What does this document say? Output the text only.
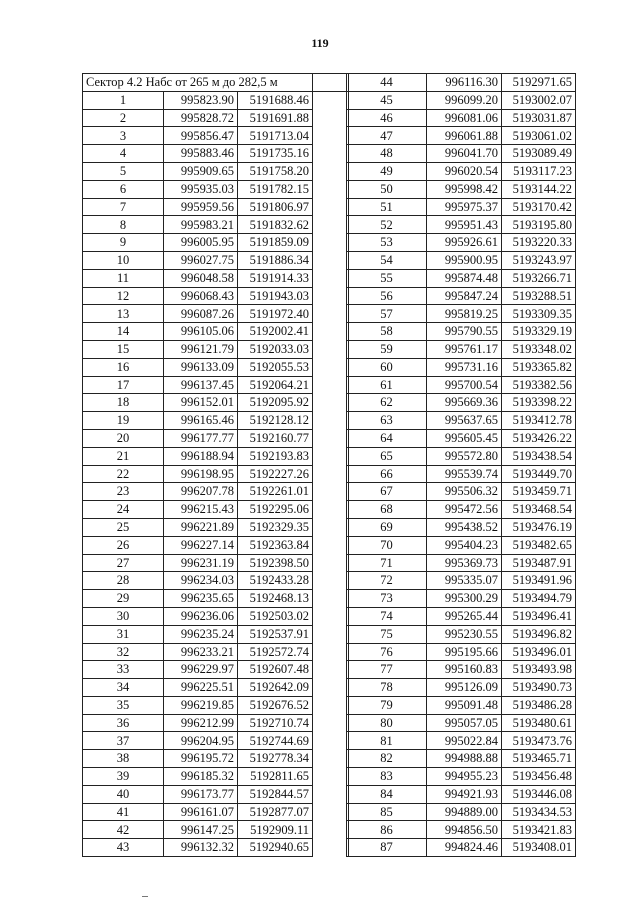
119
Сектор 4.2 Набс от 265 м до 282,5 м			
1	995823.90	5191688.46	
2	995828.72	5191691.88	
3	995856.47	5191713.04	
4	995883.46	5191735.16	
5	995909.65	5191758.20	
6	995935.03	5191782.15	
7	995959.56	5191806.97	
8	995983.21	5191832.62	
9	996005.95	5191859.09	
10	996027.75	5191886.34	
11	996048.58	5191914.33	
12	996068.43	5191943.03	
13	996087.26	5191972.40	
14	996105.06	5192002.41	
15	996121.79	5192033.03	
16	996133.09	5192055.53	
17	996137.45	5192064.21	
18	996152.01	5192095.92	
19	996165.46	5192128.12	
20	996177.77	5192160.77	
21	996188.94	5192193.83	
22	996198.95	5192227.26	
23	996207.78	5192261.01	
24	996215.43	5192295.06	
25	996221.89	5192329.35	
26	996227.14	5192363.84	
27	996231.19	5192398.50	
28	996234.03	5192433.28	
29	996235.65	5192468.13	
30	996236.06	5192503.02	
31	996235.24	5192537.91	
32	996233.21	5192572.74	
33	996229.97	5192607.48	
34	996225.51	5192642.09	
35	996219.85	5192676.52	
36	996212.99	5192710.74	
37	996204.95	5192744.69	
38	996195.72	5192778.34	
39	996185.32	5192811.65	
40	996173.77	5192844.57	
41	996161.07	5192877.07	
42	996147.25	5192909.11	
43	996132.32	5192940.65	
44	996116.30	5192971.65
45	996099.20	5193002.07
46	996081.06	5193031.87
47	996061.88	5193061.02
48	996041.70	5193089.49
49	996020.54	5193117.23
50	995998.42	5193144.22
51	995975.37	5193170.42
52	995951.43	5193195.80
53	995926.61	5193220.33
54	995900.95	5193243.97
55	995874.48	5193266.71
56	995847.24	5193288.51
57	995819.25	5193309.35
58	995790.55	5193329.19
59	995761.17	5193348.02
60	995731.16	5193365.82
61	995700.54	5193382.56
62	995669.36	5193398.22
63	995637.65	5193412.78
64	995605.45	5193426.22
65	995572.80	5193438.54
66	995539.74	5193449.70
67	995506.32	5193459.71
68	995472.56	5193468.54
69	995438.52	5193476.19
70	995404.23	5193482.65
71	995369.73	5193487.91
72	995335.07	5193491.96
73	995300.29	5193494.79
74	995265.44	5193496.41
75	995230.55	5193496.82
76	995195.66	5193496.01
77	995160.83	5193493.98
78	995126.09	5193490.73
79	995091.48	5193486.28
80	995057.05	5193480.61
81	995022.84	5193473.76
82	994988.88	5193465.71
83	994955.23	5193456.48
84	994921.93	5193446.08
85	994889.00	5193434.53
86	994856.50	5193421.83
87	994824.46	5193408.01
